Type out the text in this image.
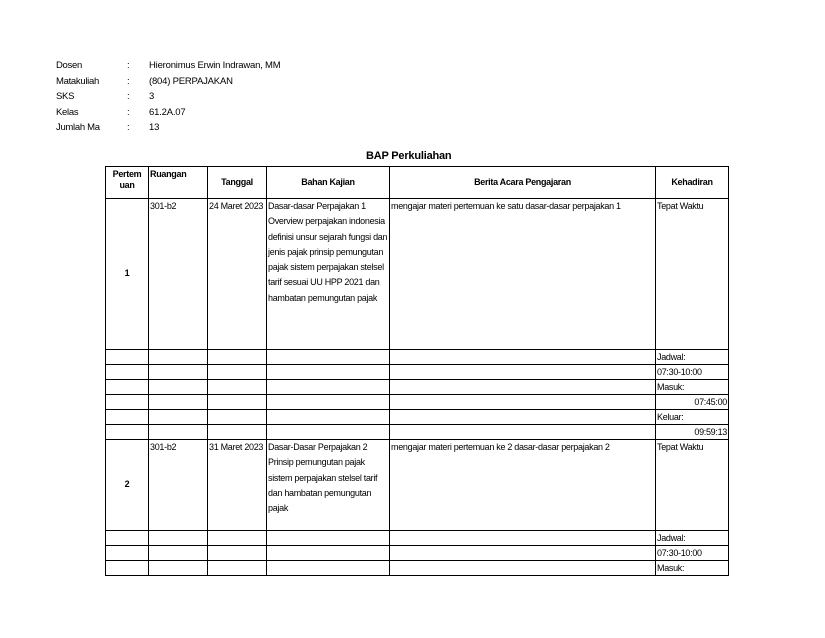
Dosen	: Hieronimus Erwin Indrawan, MM
Matakuliah	: (804) PERPAJAKAN
SKS	: 3
Kelas	: 61.2A.07
Jumlah Ma	: 13
BAP Perkuliahan
Pertem uan	Ruangan	Tanggal	Bahan Kajian	Berita Acara Pengajaran	Kehadiran
1	301-b2	24 Maret 2023	Dasar-dasar Perpajakan 1 Overview perpajakan indonesia definisi unsur sejarah fungsi dan jenis pajak prinsip pemungutan pajak sistem perpajakan stelsel tarif sesuai UU HPP 2021 dan hambatan pemungutan pajak	mengajar materi pertemuan ke satu dasar-dasar perpajakan 1	Tepat Waktu
					Jadwal:
					07:30-10:00
					Masuk:
					07:45:00
					Keluar:
					09:59:13
2	301-b2	31 Maret 2023	Dasar-Dasar Perpajakan 2 Prinsip pemungutan pajak sistem perpajakan stelsel tarif dan hambatan pemungutan pajak	mengajar materi pertemuan ke 2 dasar-dasar perpajakan 2	Tepat Waktu
					Jadwal:
					07:30-10:00
					Masuk:
